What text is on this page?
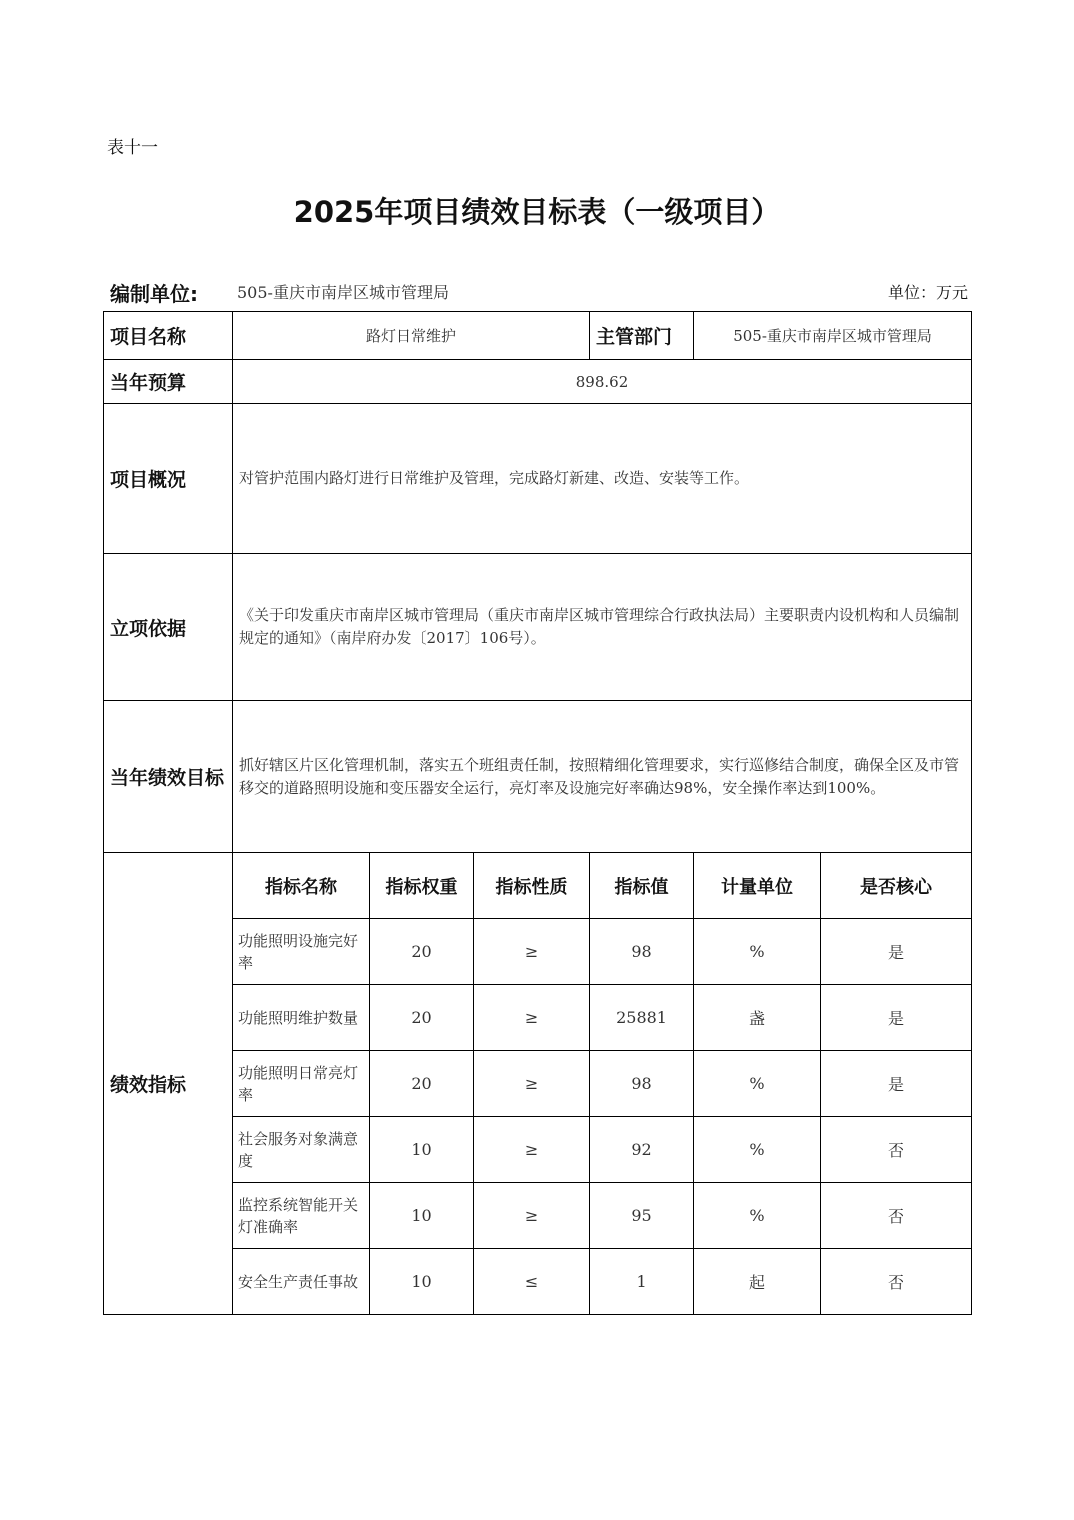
表十一
2025年项目绩效目标表（一级项目）
编制单位: 505-重庆市南岸区城市管理局	单位：万元
项目名称	路灯日常维护			主管部门	505-重庆市南岸区城市管理局	
当年预算	898.62					
项目概况	对管护范围内路灯进行日常维护及管理，完成路灯新建、改造、安装等工作。					
立项依据	《关于印发重庆市南岸区城市管理局（重庆市南岸区城市管理综合行政执法局）主要职责内设机构和人员编制规定的通知》（南岸府办发〔2017〕106号）。					
当年绩效目标	抓好辖区片区化管理机制，落实五个班组责任制，按照精细化管理要求，实行巡修结合制度，确保全区及市管移交的道路照明设施和变压器安全运行，亮灯率及设施完好率确达98%，安全操作率达到100%。					
绩效指标	指标名称	指标权重	指标性质	指标值	计量单位	是否核心
	功能照明设施完好率	20	≥	98	%	是
	功能照明维护数量	20	≥	25881	盏	是
	功能照明日常亮灯率	20	≥	98	%	是
	社会服务对象满意度	10	≥	92	%	否
	监控系统智能开关灯准确率	10	≥	95	%	否
	安全生产责任事故	10	≤	1	起	否
